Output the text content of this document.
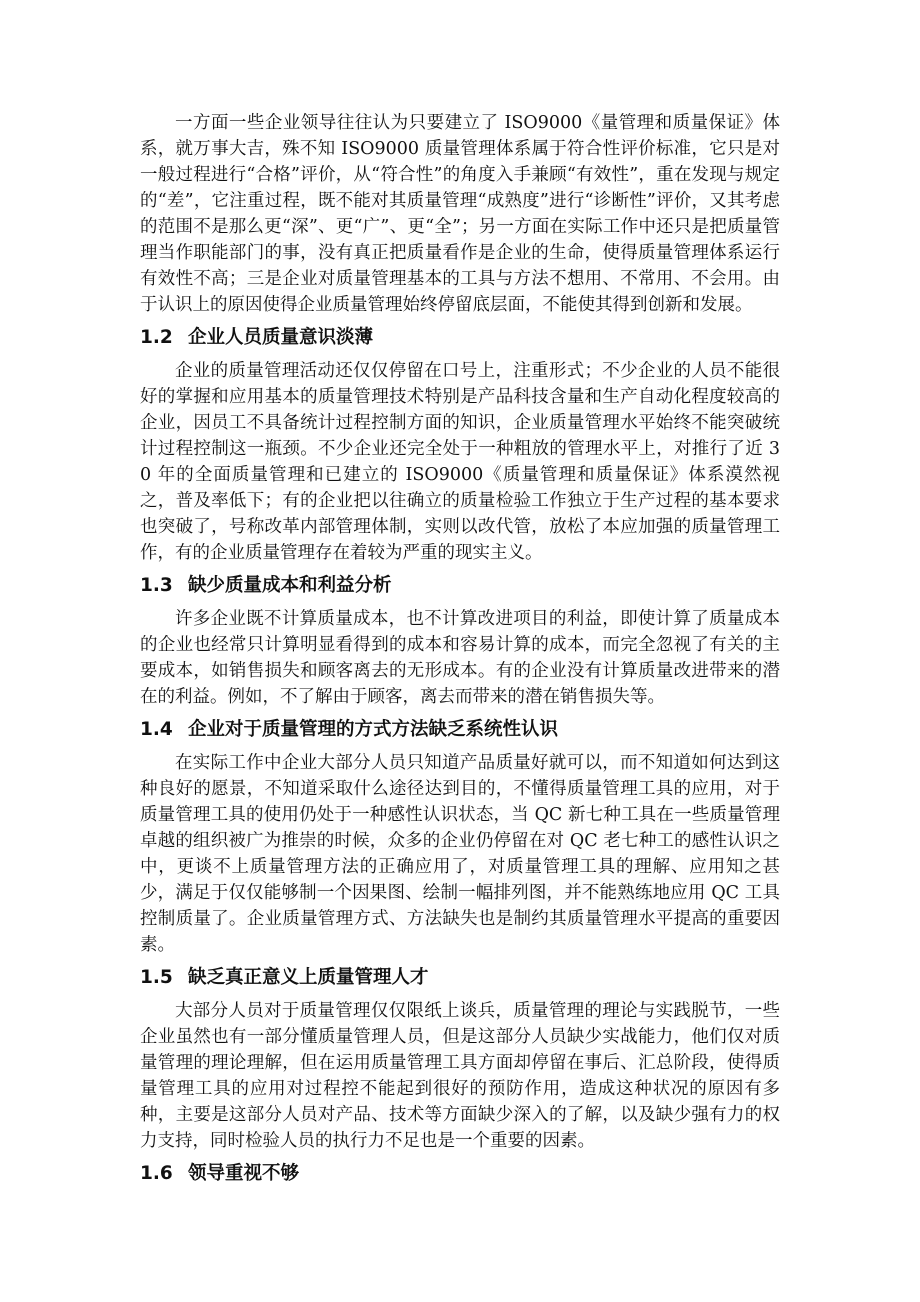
一方面一些企业领导往往认为只要建立了 ISO9000《量管理和质量保证》体系，就万事大吉，殊不知 ISO9000 质量管理体系属于符合性评价标准，它只是对一般过程进行“合格”评价，从“符合性”的角度入手兼顾“有效性”，重在发现与规定的“差”，它注重过程，既不能对其质量管理“成熟度”进行“诊断性”评价，又其考虑的范围不是那么更“深”、更“广”、更“全”；另一方面在实际工作中还只是把质量管理当作职能部门的事，没有真正把质量看作是企业的生命，使得质量管理体系运行有效性不高；三是企业对质量管理基本的工具与方法不想用、不常用、不会用。由于认识上的原因使得企业质量管理始终停留底层面，不能使其得到创新和发展。

1.2 企业人员质量意识淡薄

企业的质量管理活动还仅仅停留在口号上，注重形式；不少企业的人员不能很好的掌握和应用基本的质量管理技术特别是产品科技含量和生产自动化程度较高的企业，因员工不具备统计过程控制方面的知识，企业质量管理水平始终不能突破统计过程控制这一瓶颈。不少企业还完全处于一种粗放的管理水平上，对推行了近 30 年的全面质量管理和已建立的 ISO9000《质量管理和质量保证》体系漠然视之，普及率低下；有的企业把以往确立的质量检验工作独立于生产过程的基本要求也突破了，号称改革内部管理体制，实则以改代管，放松了本应加强的质量管理工作，有的企业质量管理存在着较为严重的现实主义。

1.3 缺少质量成本和利益分析

许多企业既不计算质量成本，也不计算改进项目的利益，即使计算了质量成本的企业也经常只计算明显看得到的成本和容易计算的成本，而完全忽视了有关的主要成本，如销售损失和顾客离去的无形成本。有的企业没有计算质量改进带来的潜在的利益。例如，不了解由于顾客，离去而带来的潜在销售损失等。

1.4 企业对于质量管理的方式方法缺乏系统性认识

在实际工作中企业大部分人员只知道产品质量好就可以，而不知道如何达到这种良好的愿景，不知道采取什么途径达到目的，不懂得质量管理工具的应用，对于质量管理工具的使用仍处于一种感性认识状态，当 QC 新七种工具在一些质量管理卓越的组织被广为推崇的时候，众多的企业仍停留在对 QC 老七种工的感性认识之中，更谈不上质量管理方法的正确应用了，对质量管理工具的理解、应用知之甚少，满足于仅仅能够制一个因果图、绘制一幅排列图，并不能熟练地应用 QC 工具控制质量了。企业质量管理方式、方法缺失也是制约其质量管理水平提高的重要因素。

1.5 缺乏真正意义上质量管理人才

大部分人员对于质量管理仅仅限纸上谈兵，质量管理的理论与实践脱节，一些企业虽然也有一部分懂质量管理人员，但是这部分人员缺少实战能力，他们仅对质量管理的理论理解，但在运用质量管理工具方面却停留在事后、汇总阶段，使得质量管理工具的应用对过程控不能起到很好的预防作用，造成这种状况的原因有多种，主要是这部分人员对产品、技术等方面缺少深入的了解，以及缺少强有力的权力支持，同时检验人员的执行力不足也是一个重要的因素。

1.6 领导重视不够
